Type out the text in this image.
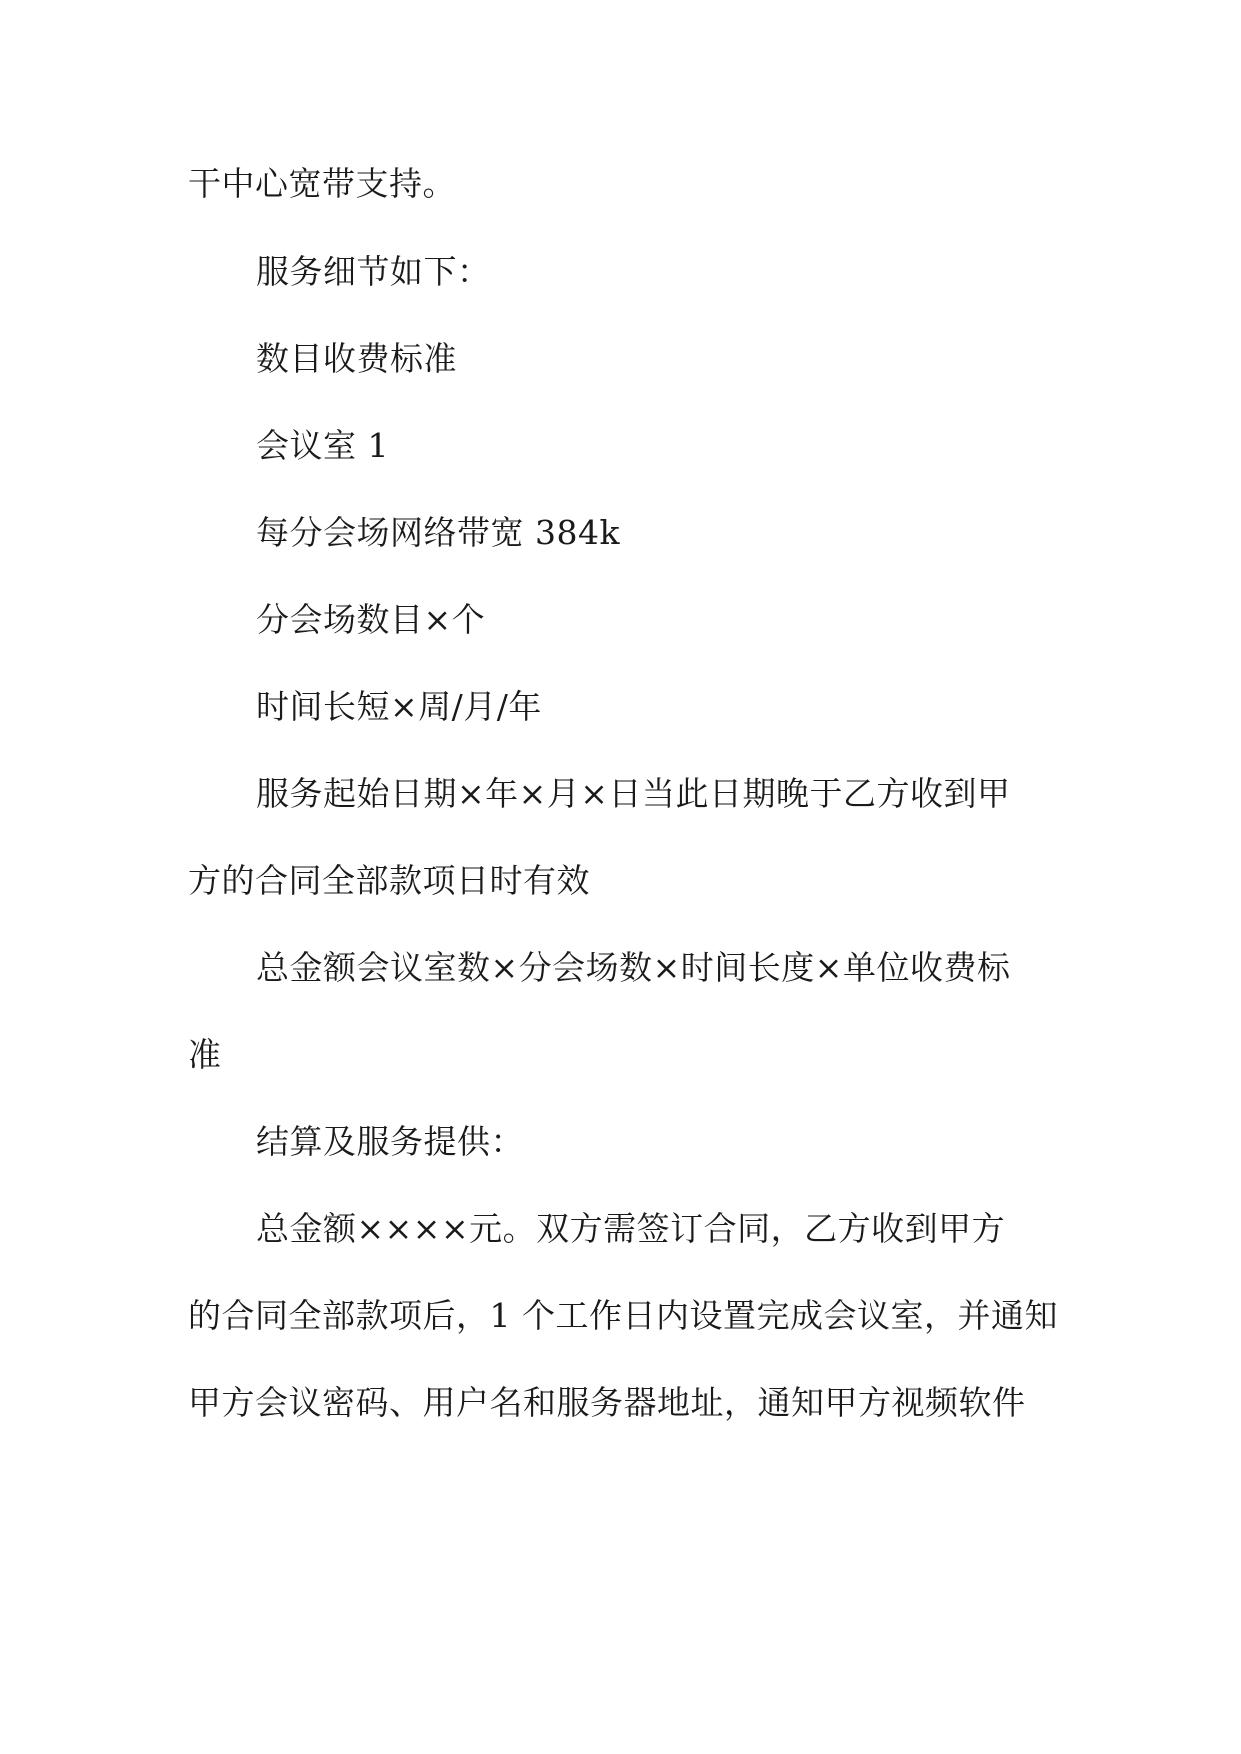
干中心宽带支持。
服务细节如下：
数目收费标准
会议室 1
每分会场网络带宽 384k
分会场数目×个
时间长短×周/月/年
服务起始日期×年×月×日当此日期晚于乙方收到甲
方的合同全部款项日时有效
总金额会议室数×分会场数×时间长度×单位收费标
准
结算及服务提供：
总金额××××元。双方需签订合同，乙方收到甲方
的合同全部款项后，1 个工作日内设置完成会议室，并通知
甲方会议密码、用户名和服务器地址，通知甲方视频软件
